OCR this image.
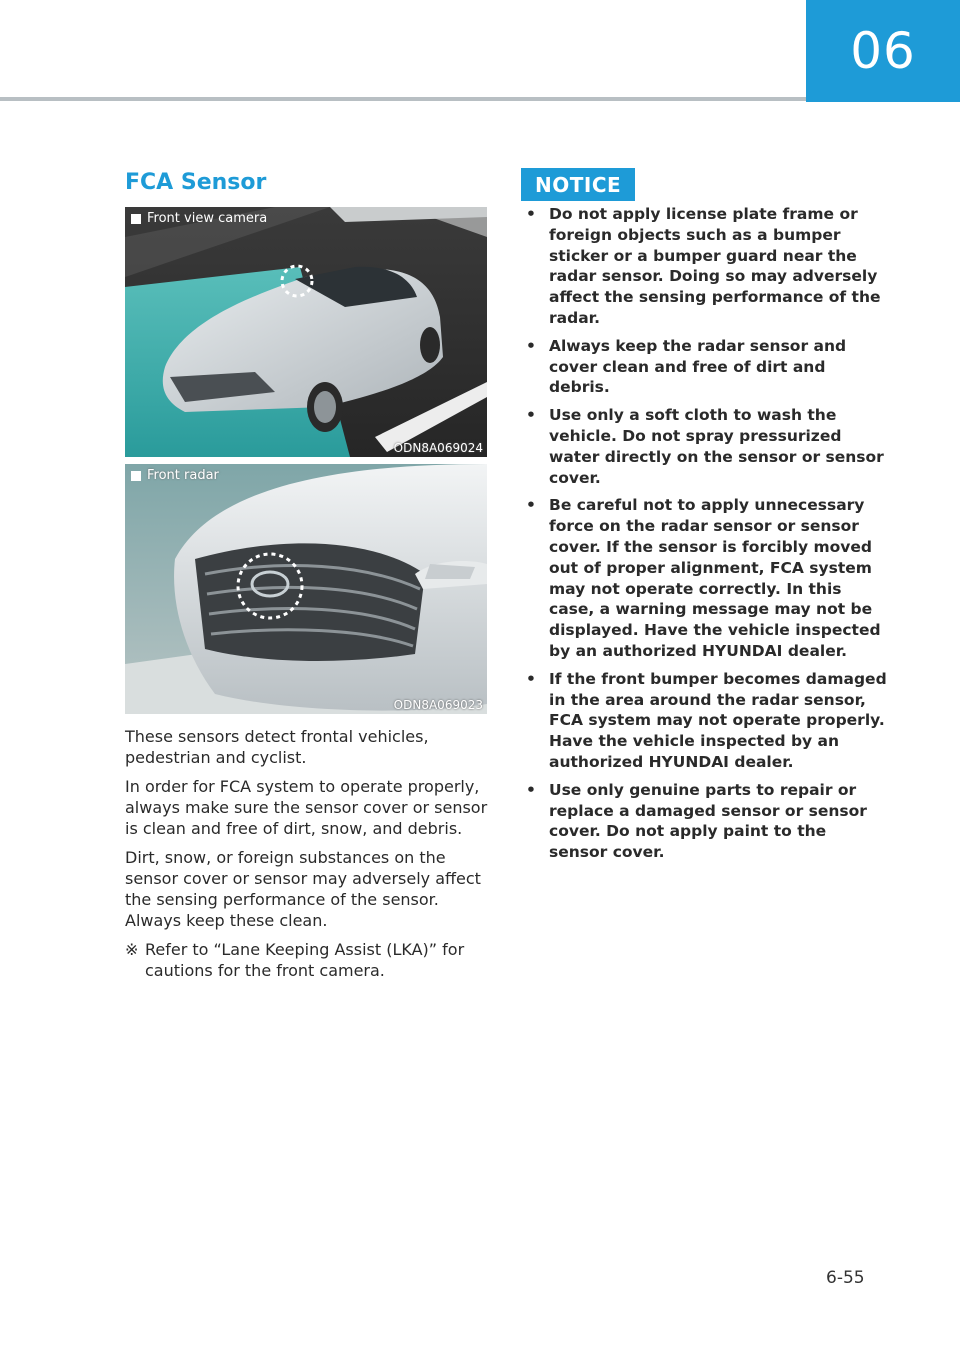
06
FCA Sensor
Front view camera
ODN8A069024
Front radar
ODN8A069023

These sensors detect frontal vehicles, pedestrian and cyclist.

In order for FCA system to operate properly, always make sure the sensor cover or sensor is clean and free of dirt, snow, and debris.

Dirt, snow, or foreign substances on the sensor cover or sensor may adversely affect the sensing performance of the sensor. Always keep these clean.

※ Refer to “Lane Keeping Assist (LKA)” for cautions for the front camera.
NOTICE
• Do not apply license plate frame or foreign objects such as a bumper sticker or a bumper guard near the radar sensor. Doing so may adversely affect the sensing performance of the radar.
• Always keep the radar sensor and cover clean and free of dirt and debris.
• Use only a soft cloth to wash the vehicle. Do not spray pressurized water directly on the sensor or sensor cover.
• Be careful not to apply unnecessary force on the radar sensor or sensor cover. If the sensor is forcibly moved out of proper alignment, FCA system may not operate correctly. In this case, a warning message may not be displayed. Have the vehicle inspected by an authorized HYUNDAI dealer.
• If the front bumper becomes damaged in the area around the radar sensor, FCA system may not operate properly. Have the vehicle inspected by an authorized HYUNDAI dealer.
• Use only genuine parts to repair or replace a damaged sensor or sensor cover. Do not apply paint to the sensor cover.
6-55
